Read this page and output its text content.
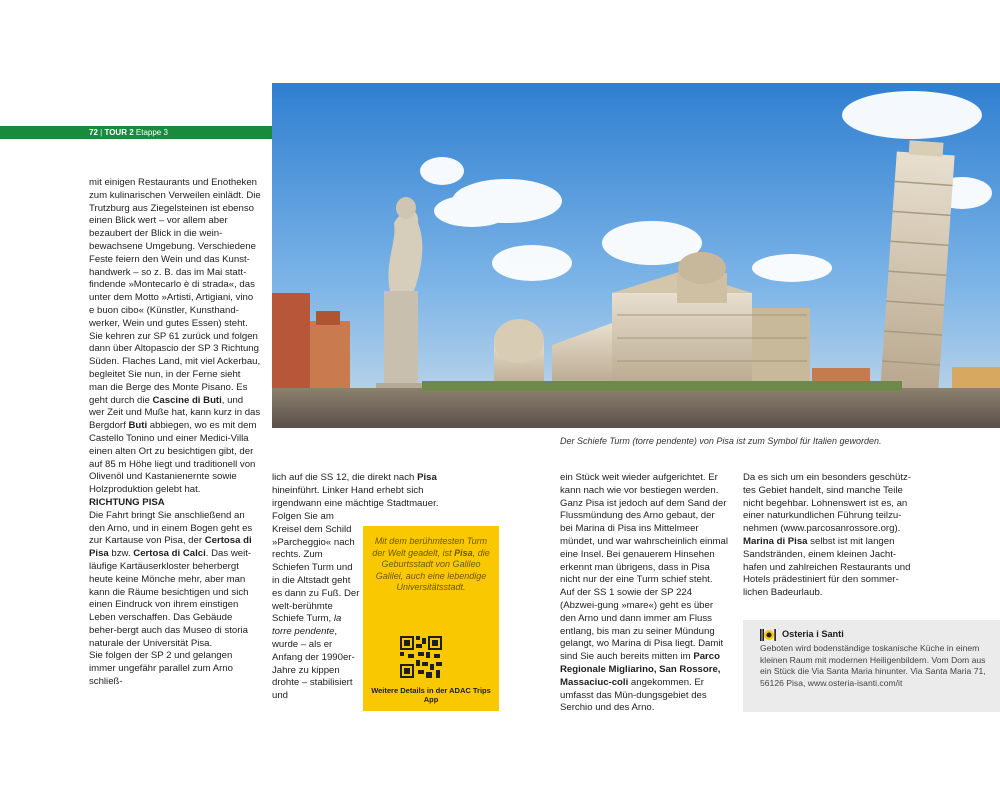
72 | TOUR 2 Etappe 3
Der Schiefe Turm (torre pendente) von Pisa ist zum Symbol für Italien geworden.

mit einigen Restaurants und Enotheken zum kulinarischen Verweilen einlädt. Die Trutzburg aus Ziegelsteinen ist ebenso einen Blick wert – vor allem aber bezaubert der Blick in die wein-bewachsene Umgebung. Verschiedene Feste feiern den Wein und das Kunst-handwerk – so z. B. das im Mai statt-findende »Montecarlo è di strada«, das unter dem Motto »Artisti, Artigiani, vino e buon cibo« (Künstler, Kunsthand-werker, Wein und gutes Essen) steht. Sie kehren zur SP 61 zurück und folgen dann über Altopascio der SP 3 Richtung Süden. Flaches Land, mit viel Ackerbau, begleitet Sie nun, in der Ferne sieht man die Berge des Monte Pisano. Es geht durch die Cascine di Buti, und wer Zeit und Muße hat, kann kurz in das Bergdorf Buti abbiegen, wo es mit dem Castello Tonino und einer Medici-Villa einen alten Ort zu besichtigen gibt, der auf 85 m Höhe liegt und traditionell von Olivenöl und Kastanienernte sowie Holzproduktion gelebt hat.

RICHTUNG PISA

Die Fahrt bringt Sie anschließend an den Arno, und in einem Bogen geht es zur Kartause von Pisa, der Certosa di Pisa bzw. Certosa di Calci. Das weit-läufige Kartäuserkloster beherbergt heute keine Mönche mehr, aber man kann die Räume besichtigen und sich einen Eindruck von ihrem einstigen Leben verschaffen. Das Gebäude beher-bergt auch das Museo di storia naturale der Universität Pisa.

Sie folgen der SP 2 und gelangen immer ungefähr parallel zum Arno schließ-

lich auf die SS 12, die direkt nach Pisa hineinführt. Linker Hand erhebt sich irgendwann eine mächtige Stadtmauer.

Folgen Sie am Kreisel dem Schild »Parcheggio« nach rechts. Zum Schiefen Turm und in die Altstadt geht es dann zu Fuß. Der welt-berühmte Schiefe Turm, la torre pendente, wurde – als er Anfang der 1990er-Jahre zu kippen drohte – stabilisiert und

Mit dem berühmtesten Turm der Welt geadelt, ist Pisa, die Geburtsstadt von Galileo Galilei, auch eine lebendige Universitätsstadt.
Weitere Details in der ADAC Trips App

ein Stück weit wieder aufgerichtet. Er kann nach wie vor bestiegen werden. Ganz Pisa ist jedoch auf dem Sand der Flussmündung des Arno gebaut, der bei Marina di Pisa ins Mittelmeer mündet, und war wahrscheinlich einmal eine Insel. Bei genauerem Hinsehen erkennt man übrigens, dass in Pisa nicht nur der eine Turm schief steht.

Auf der SS 1 sowie der SP 224 (Abzwei-gung »mare«) geht es über den Arno und dann immer am Fluss entlang, bis man zu seiner Mündung gelangt, wo Marina di Pisa liegt. Damit sind Sie auch bereits mitten im Parco Regionale Migliarino, San Rossore, Massaciuc-coli angekommen. Er umfasst das Mün-dungsgebiet des Serchio und des Arno.

Da es sich um ein besonders geschütz-tes Gebiet handelt, sind manche Teile nicht begehbar. Lohnenswert ist es, an einer naturkundlichen Führung teilzu-nehmen (www.parcosanrossore.org). Marina di Pisa selbst ist mit langen Sandstränden, einem kleinen Jacht-hafen und zahlreichen Restaurants und Hotels prädestiniert für den sommer-lichen Badeurlaub.

Osteria i Santi
Geboten wird bodenständige toskanische Küche in einem kleinen Raum mit modernen Heiligenbildern. Vom Dom aus ein Stück die Via Santa Maria hinunter. Via Santa Maria 71, 56126 Pisa, www.osteria-isanti.com/it
